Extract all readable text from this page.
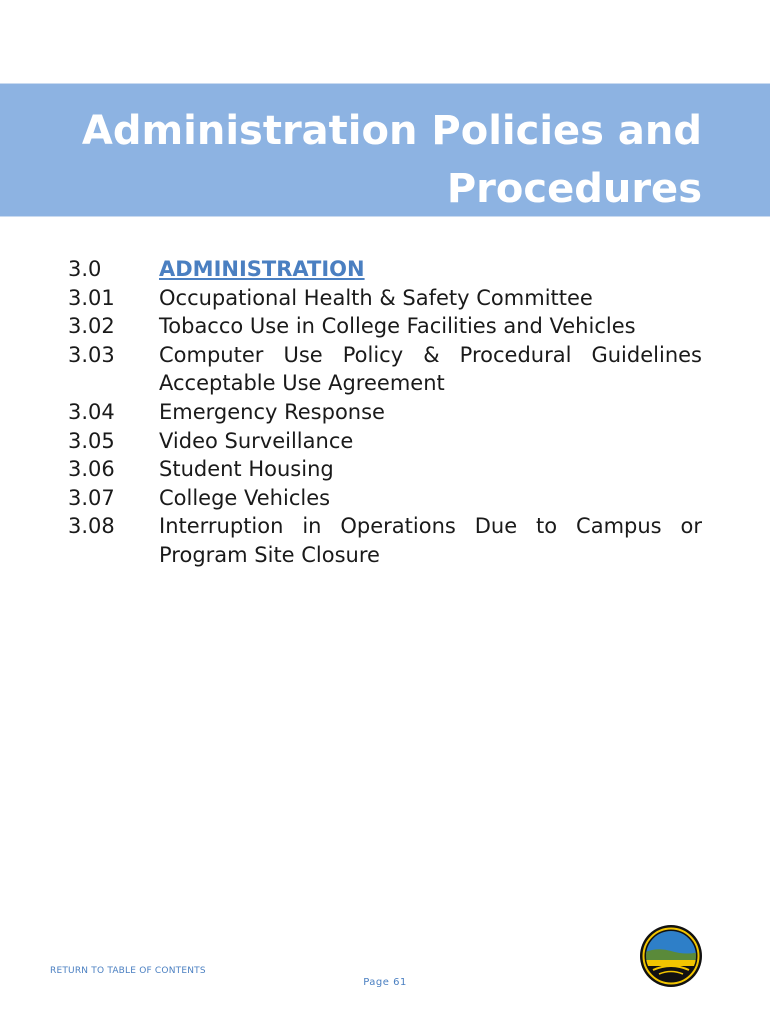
Administration Policies and
Procedures
3.0	ADMINISTRATION
3.01	Occupational Health & Safety Committee
3.02	Tobacco Use in College Facilities and Vehicles
3.03	Computer Use Policy & Procedural Guidelines Acceptable Use Agreement
3.04	Emergency Response
3.05	Video Surveillance
3.06	Student Housing
3.07	College Vehicles
3.08	Interruption in Operations Due to Campus or Program Site Closure
RETURN TO TABLE OF CONTENTS
Page 61
